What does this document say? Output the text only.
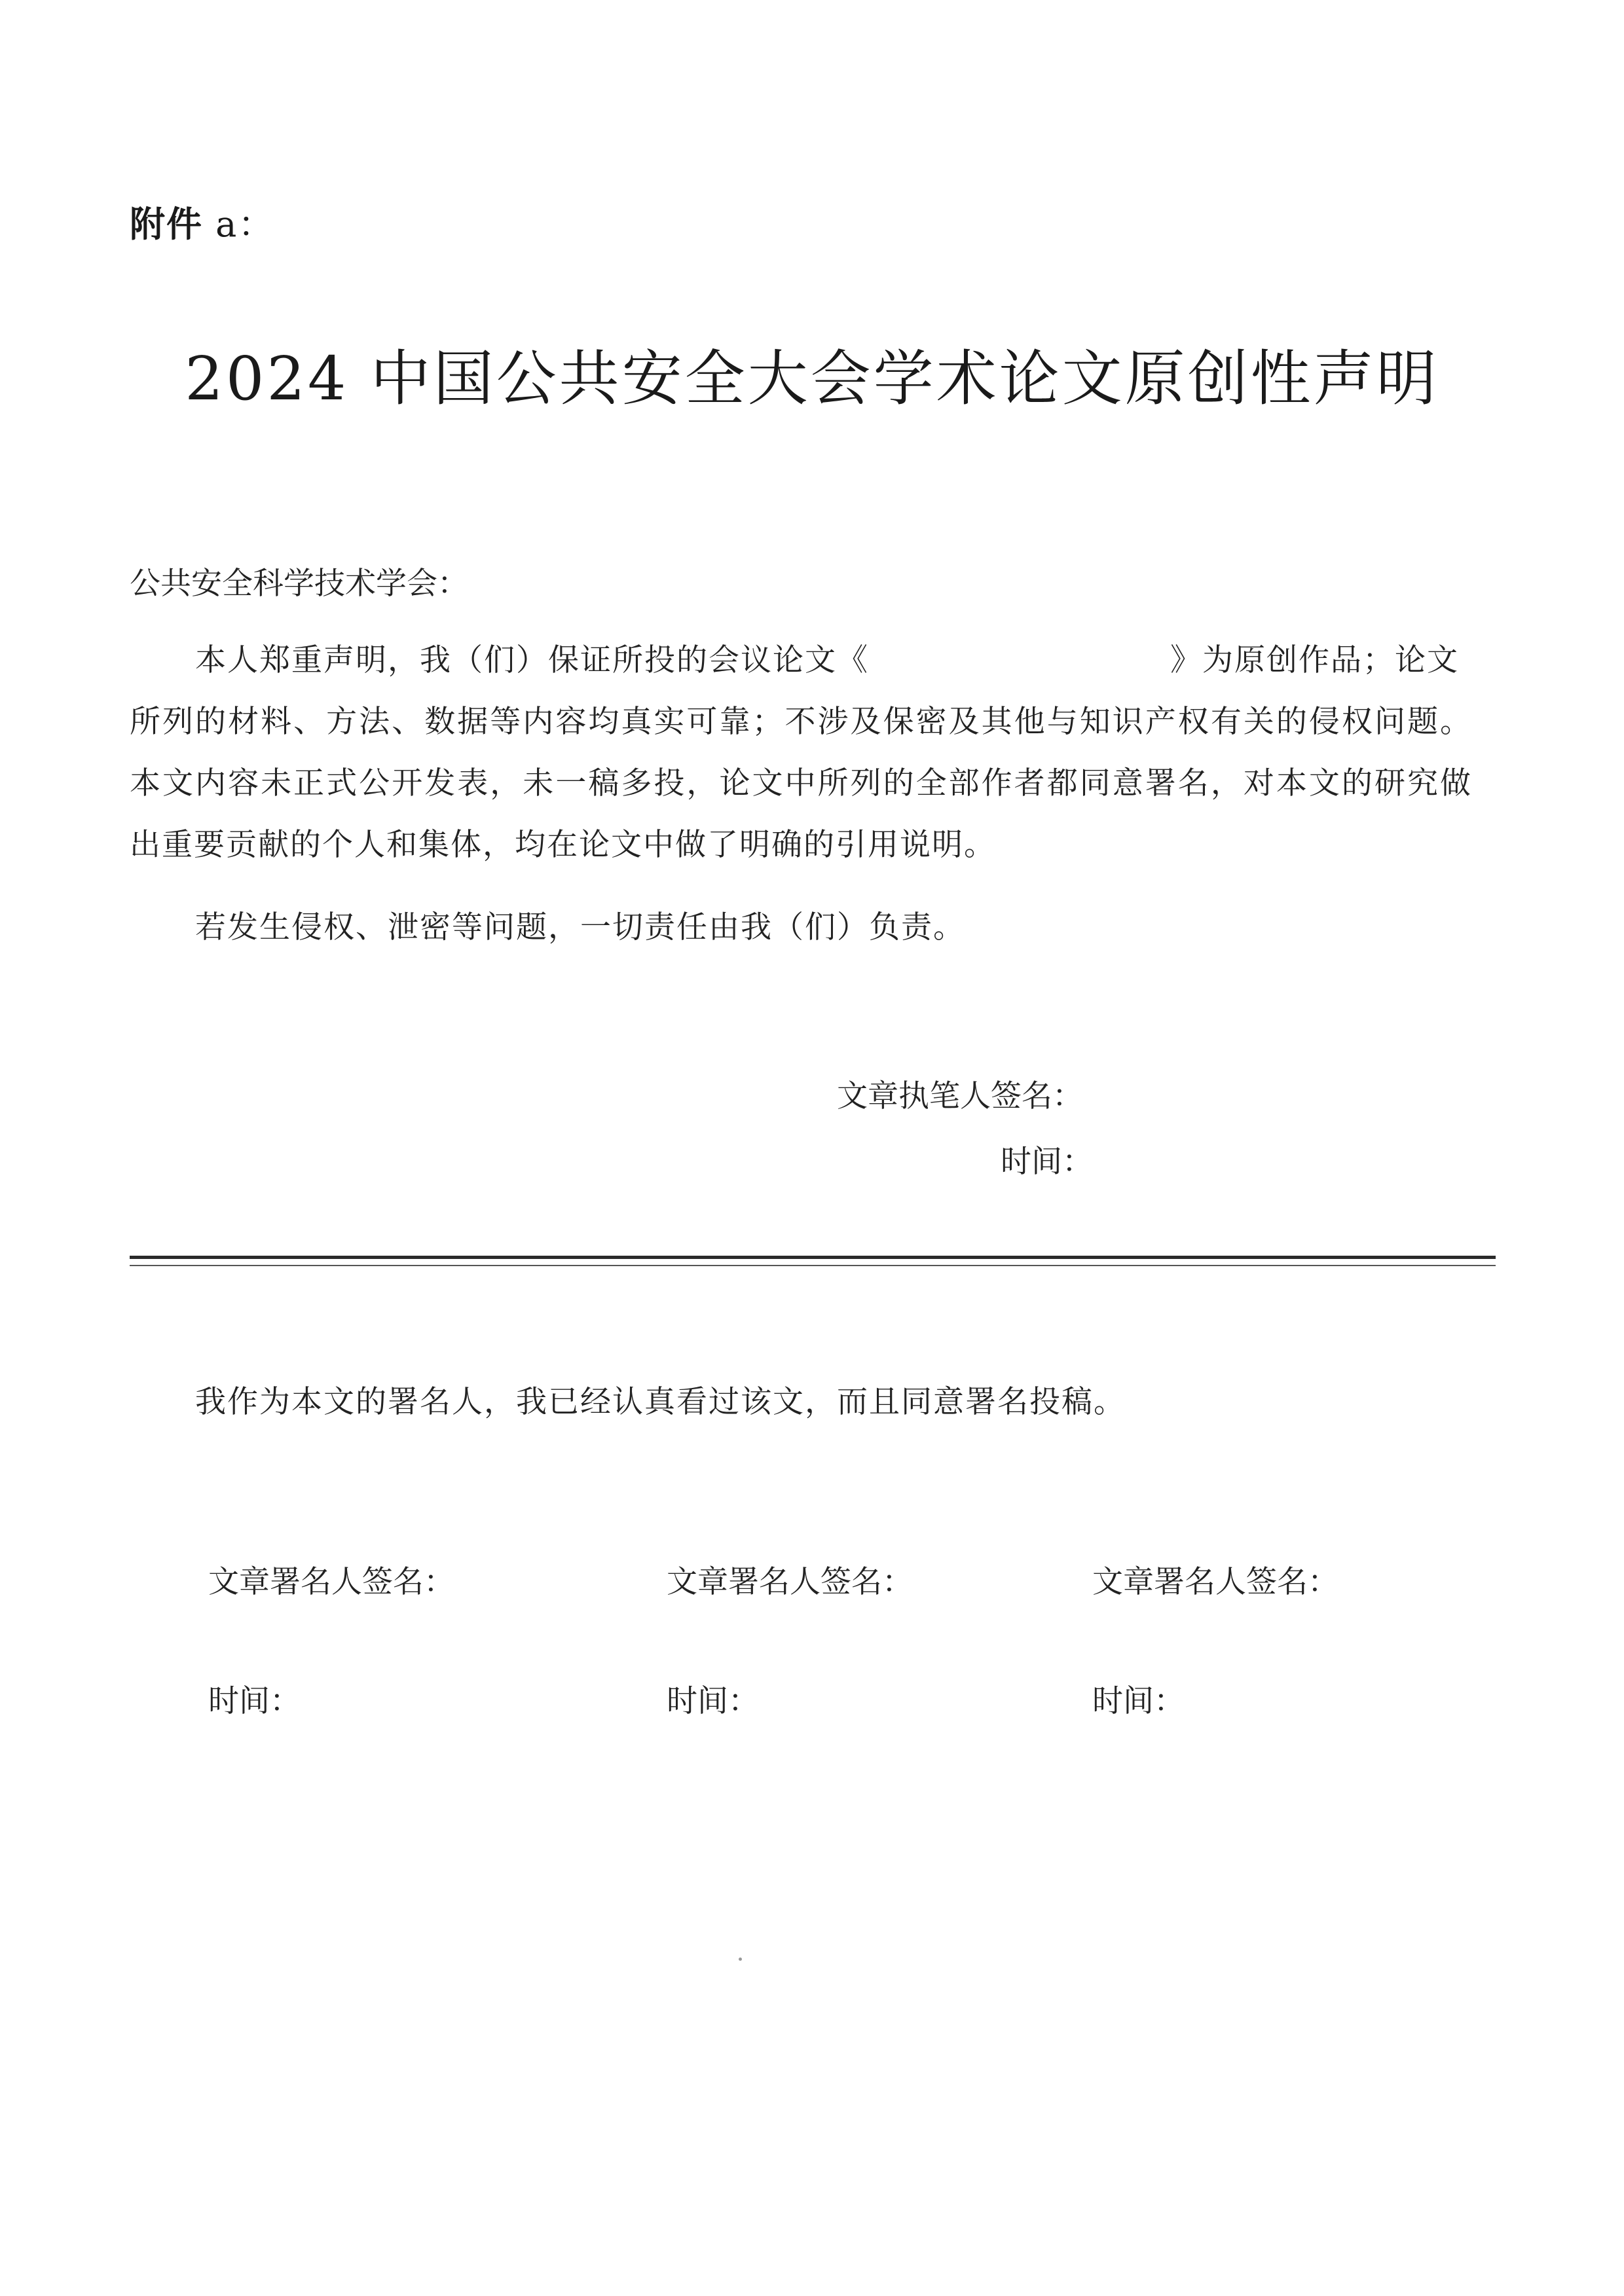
附件 a：
2024 中国公共安全大会学术论文原创性声明
公共安全科学技术学会：
本人郑重声明，我（们）保证所投的会议论文《	》为原创作品；论文
所列的材料、方法、数据等内容均真实可靠；不涉及保密及其他与知识产权有关的侵权问题。本文内容未正式公开发表，未一稿多投，论文中所列的全部作者都同意署名，对本文的研究做出重要贡献的个人和集体，均在论文中做了明确的引用说明。
若发生侵权、泄密等问题，一切责任由我（们）负责。
文章执笔人签名：
时间：
我作为本文的署名人，我已经认真看过该文，而且同意署名投稿。
文章署名人签名：	文章署名人签名：	文章署名人签名：
时间：	时间：	时间：
